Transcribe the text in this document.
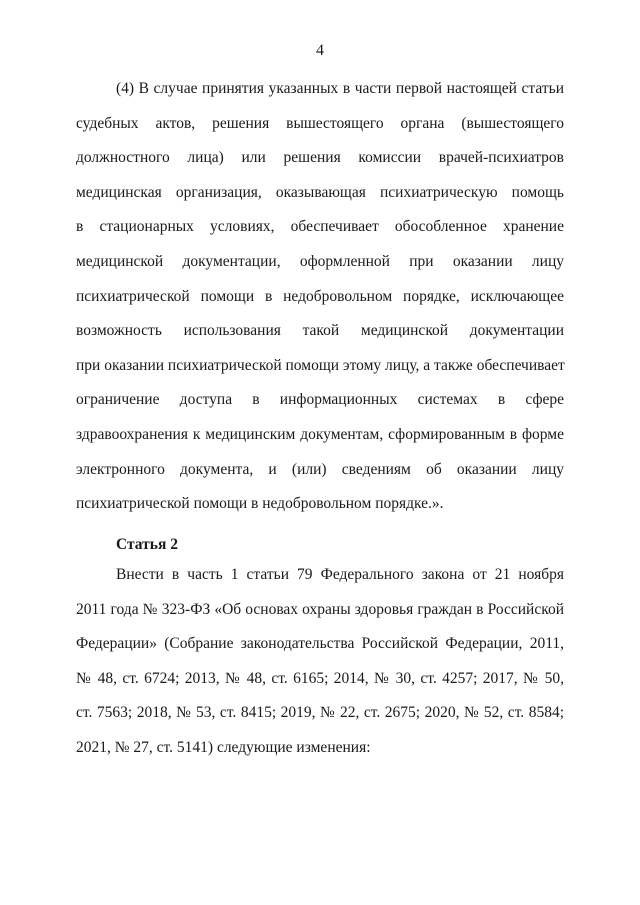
4
(4) В случае принятия указанных в части первой настоящей статьи
судебных актов, решения вышестоящего органа (вышестоящего
должностного лица) или решения комиссии врачей-психиатров
медицинская организация, оказывающая психиатрическую помощь
в стационарных условиях, обеспечивает обособленное хранение
медицинской документации, оформленной при оказании лицу
психиатрической помощи в недобровольном порядке, исключающее
возможность использования такой медицинской документации
при оказании психиатрической помощи этому лицу, а также обеспечивает
ограничение доступа в информационных системах в сфере
здравоохранения к медицинским документам, сформированным в форме
электронного документа, и (или) сведениям об оказании лицу
психиатрической помощи в недобровольном порядке.».
Статья 2
Внести в часть 1 статьи 79 Федерального закона от 21 ноября
2011 года № 323-ФЗ «Об основах охраны здоровья граждан в Российской
Федерации» (Собрание законодательства Российской Федерации, 2011,
№ 48, ст. 6724; 2013, № 48, ст. 6165; 2014, № 30, ст. 4257; 2017, № 50,
ст. 7563; 2018, № 53, ст. 8415; 2019, № 22, ст. 2675; 2020, № 52, ст. 8584;
2021, № 27, ст. 5141) следующие изменения:
